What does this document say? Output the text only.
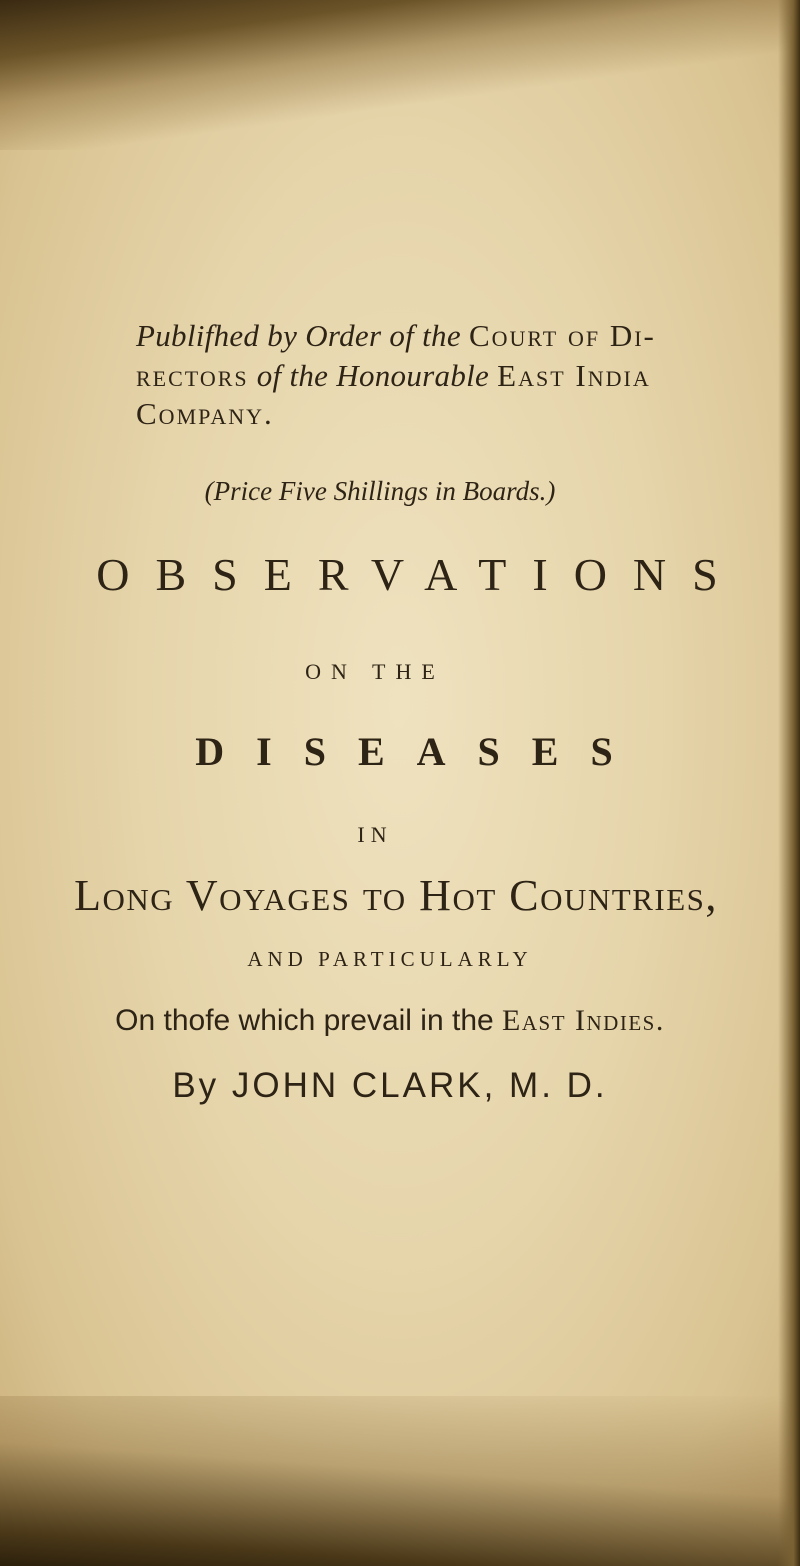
Publifhed by Order of the Court of Di-
rectors of the Honourable East India
Company.
(Price Five Shillings in Boards.)
OBSERVATIONS
ON THE
DISEASES
IN
Long Voyages to Hot Countries,
AND PARTICULARLY
On thofe which prevail in the East Indies.
By JOHN CLARK, M. D.
